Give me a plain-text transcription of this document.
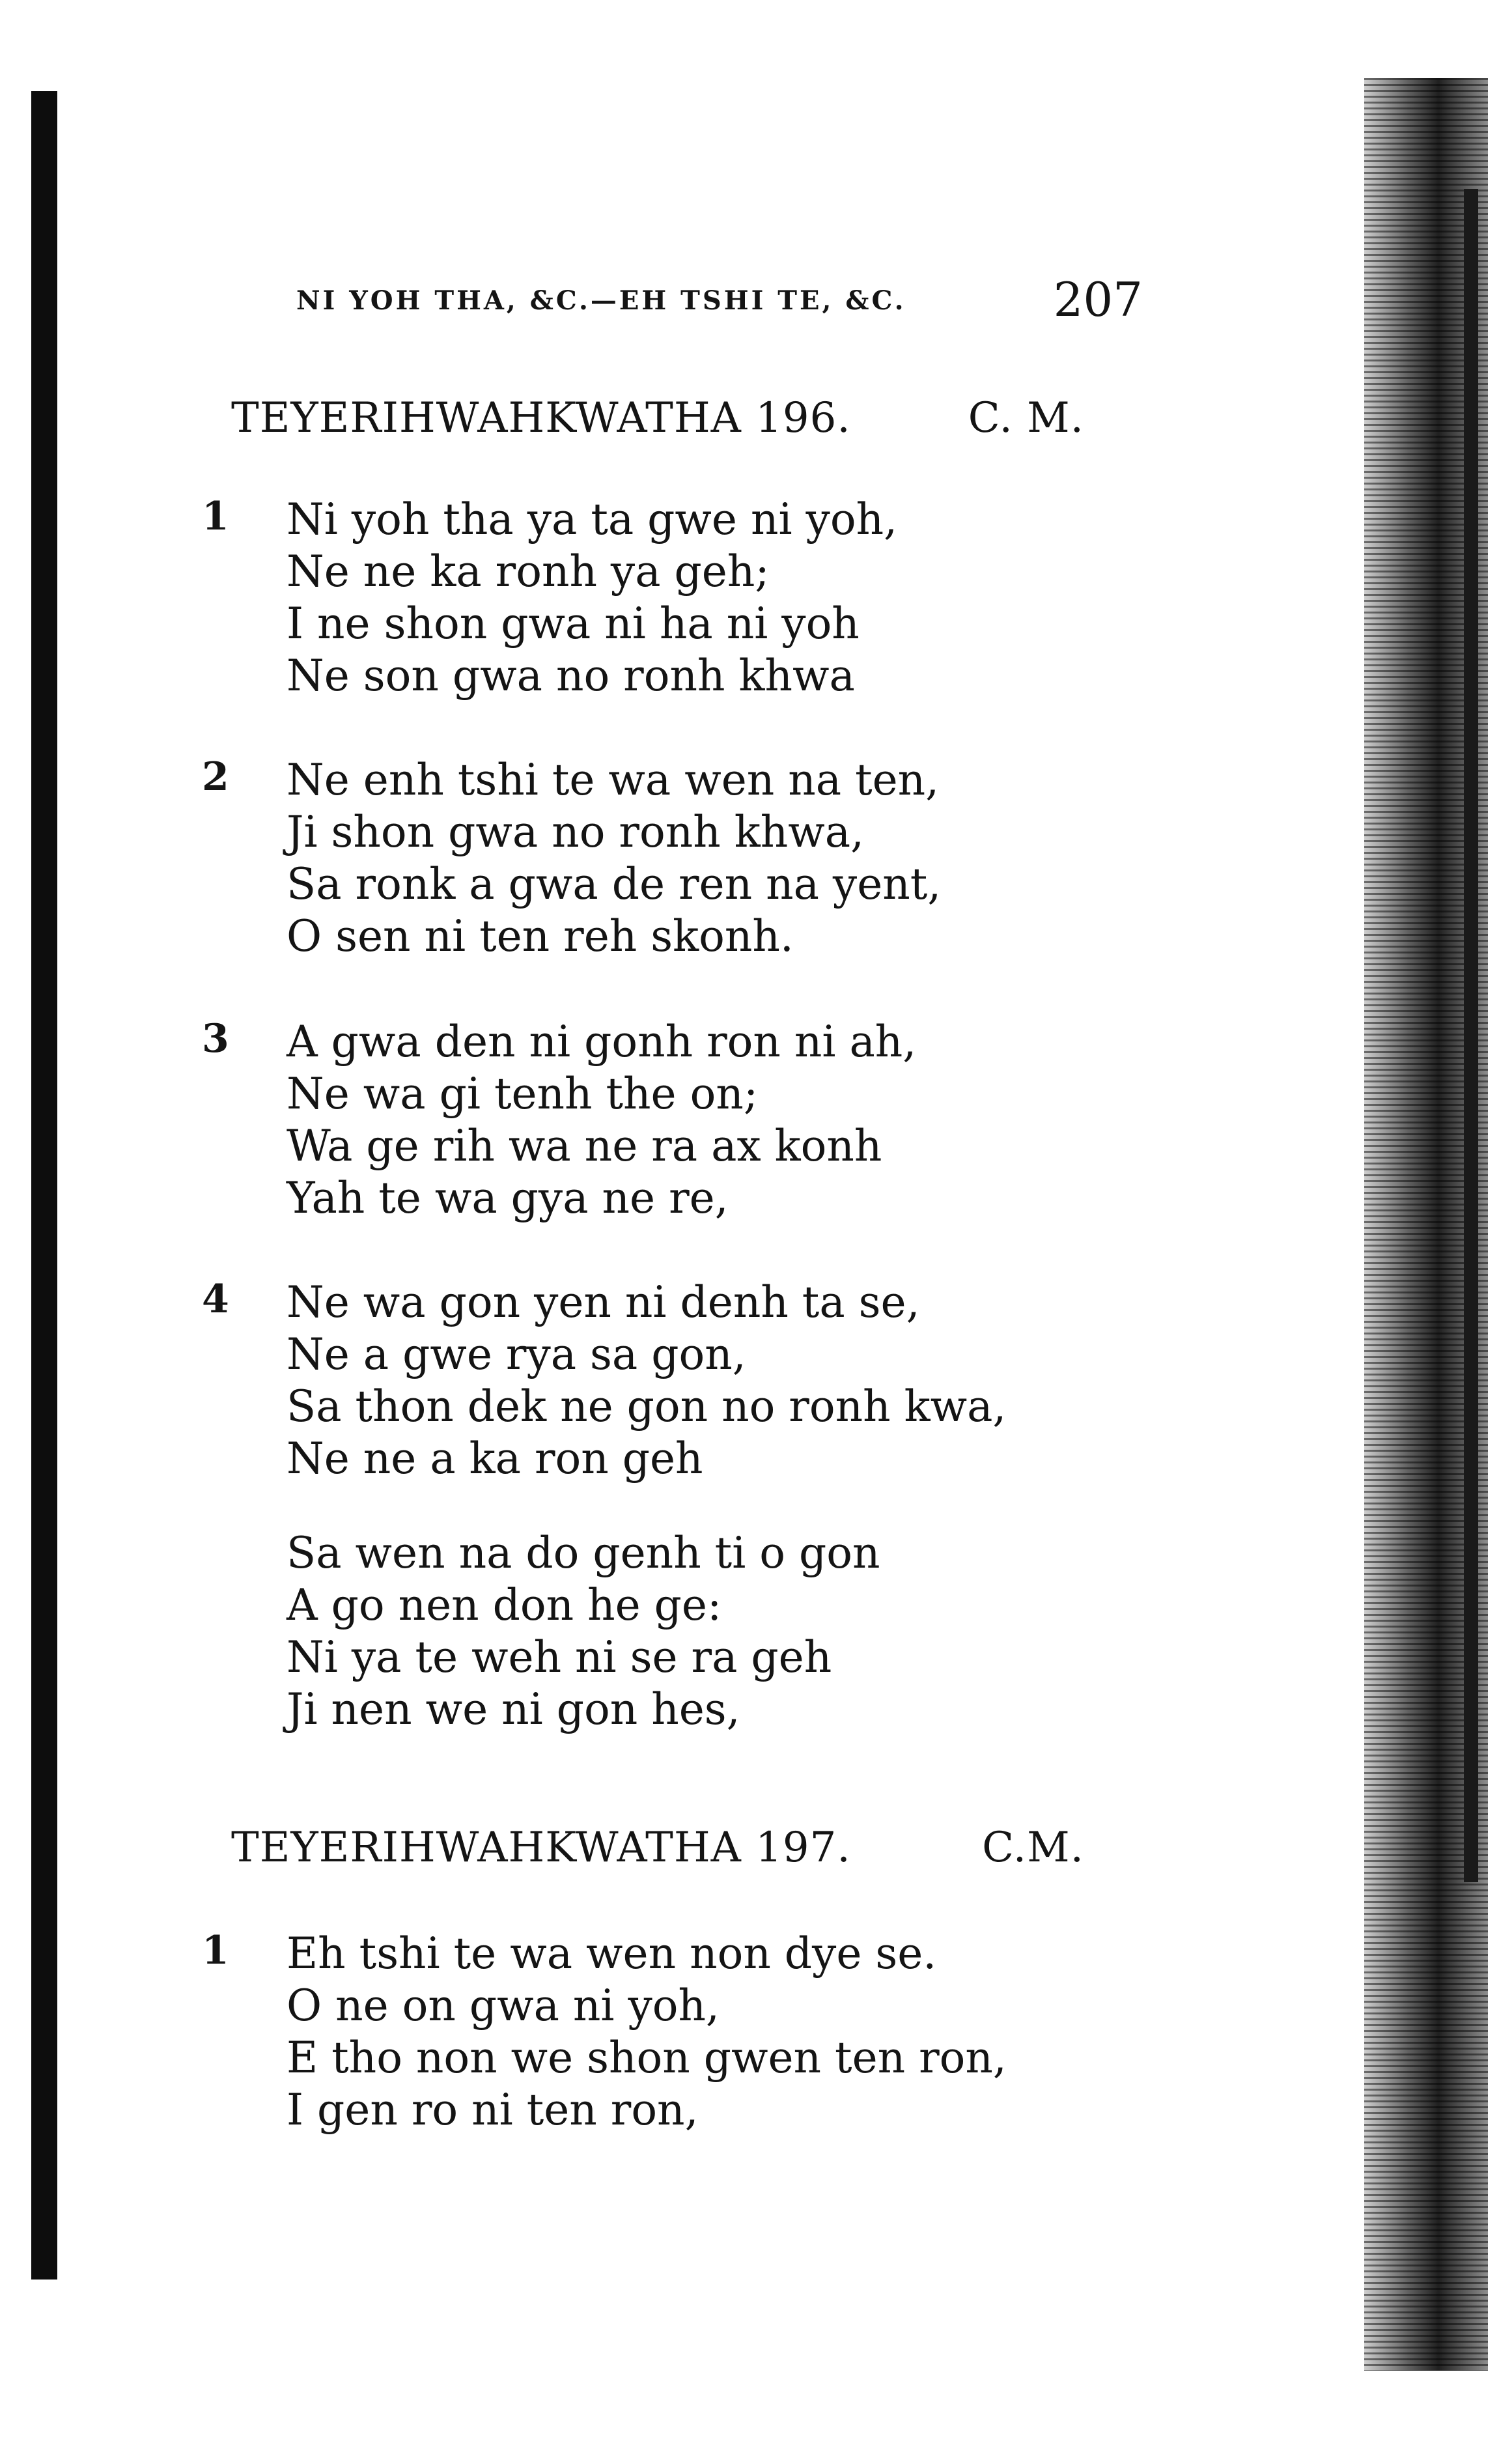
NI YOH THA, &C.—EH TSHI TE, &C.	207
TEYERIHWAHKWATHA 196.	C. M.
1 Ni yoh tha ya ta gwe ni yoh,
Ne ne ka ronh ya geh;
I ne shon gwa ni ha ni yoh
Ne son gwa no ronh khwa
2 Ne enh tshi te wa wen na ten,
Ji shon gwa no ronh khwa,
Sa ronk a gwa de ren na yent,
O sen ni ten reh skonh.
3 A gwa den ni gonh ron ni ah,
Ne wa gi tenh the on;
Wa ge rih wa ne ra ax konh
Yah te wa gya ne re,
4 Ne wa gon yen ni denh ta se,
Ne a gwe rya sa gon,
Sa thon dek ne gon no ronh kwa,
Ne ne a ka ron geh
Sa wen na do genh ti o gon
A go nen don he ge:
Ni ya te weh ni se ra geh
Ji nen we ni gon hes,
TEYERIHWAHKWATHA 197.	C.M.
1 Eh tshi te wa wen non dye se.
O ne on gwa ni yoh,
E tho non we shon gwen ten ron,
I gen ro ni ten ron,
